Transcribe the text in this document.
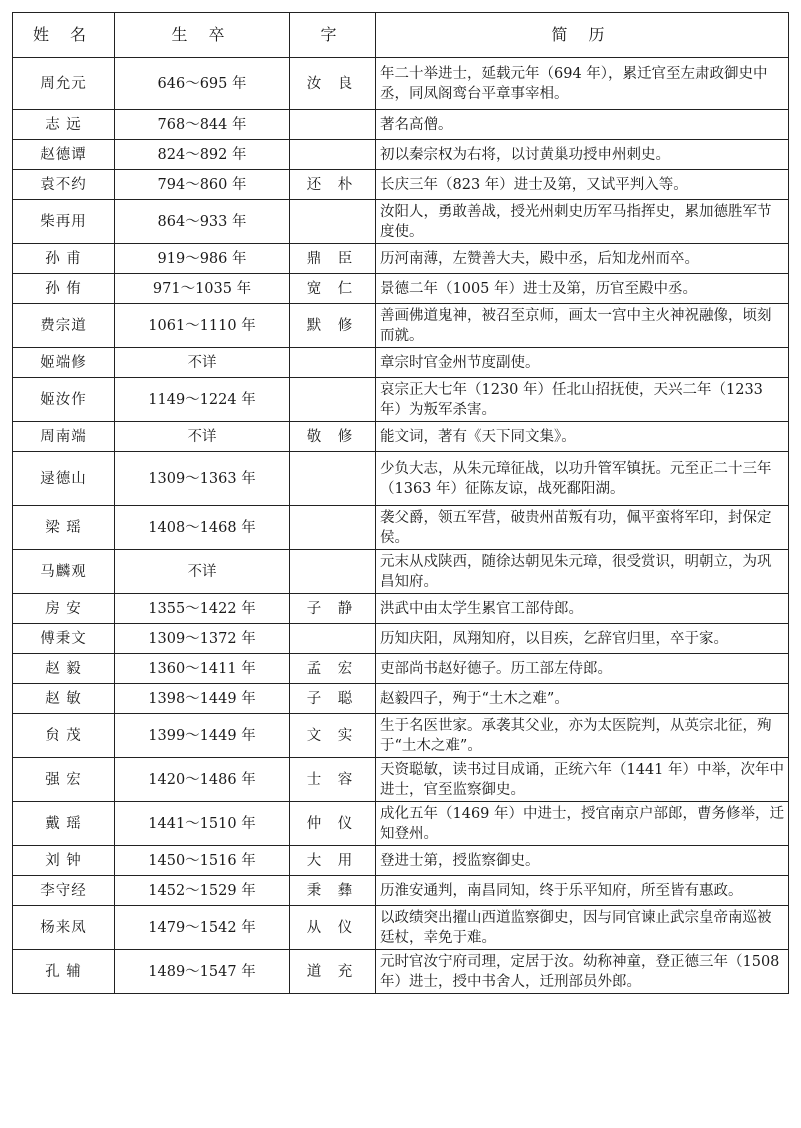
姓 名	生 卒	字	简 历
周允元	646～695 年	汝 良	年二十举进士，延载元年（694 年），累迁官至左肃政御史中丞，同凤阁鸾台平章事宰相。
志 远	768～844 年		著名高僧。
赵德谭	824～892 年		初以秦宗权为右将，以讨黄巢功授申州刺史。
袁不约	794～860 年	还 朴	长庆三年（823 年）进士及第，又试平判入等。
柴再用	864～933 年		汝阳人，勇敢善战，授光州刺史历军马指挥史，累加德胜军节度使。
孙 甫	919～986 年	鼎 臣	历河南薄，左赞善大夫，殿中丞，后知龙州而卒。
孙 侑	971～1035 年	宽 仁	景德二年（1005 年）进士及第，历官至殿中丞。
费宗道	1061～1110 年	默 修	善画佛道鬼神，被召至京师，画太一宫中主火神祝融像，顷刻而就。
姬端修	不详		章宗时官金州节度副使。
姬汝作	1149～1224 年		哀宗正大七年（1230 年）任北山招抚使，天兴二年（1233 年）为叛军杀害。
周南端	不详	敬 修	能文词，著有《天下同文集》。
逯德山	1309～1363 年		少负大志，从朱元璋征战，以功升管军镇抚。元至正二十三年（1363 年）征陈友谅，战死鄱阳湖。
梁 瑶	1408～1468 年		袭父爵，领五军营，破贵州苗叛有功，佩平蛮将军印，封保定侯。
马麟观	不详		元末从戍陕西，随徐达朝见朱元璋，很受赏识，明朝立，为巩昌知府。
房 安	1355～1422 年	子 静	洪武中由太学生累官工部侍郎。
傅秉文	1309～1372 年		历知庆阳，凤翔知府，以目疾，乞辞官归里，卒于家。
赵 毅	1360～1411 年	孟 宏	吏部尚书赵好德子。历工部左侍郎。
赵 敏	1398～1449 年	子 聪	赵毅四子，殉于“土木之难”。
贠 茂	1399～1449 年	文 实	生于名医世家。承袭其父业，亦为太医院判，从英宗北征，殉于“土木之难”。
强 宏	1420～1486 年	士 容	天资聪敏，读书过目成诵，正统六年（1441 年）中举，次年中进士，官至监察御史。
戴 瑶	1441～1510 年	仲 仪	成化五年（1469 年）中进士，授官南京户部郎，曹务修举，迁知登州。
刘 钟	1450～1516 年	大 用	登进士第，授监察御史。
李守经	1452～1529 年	秉 彝	历淮安通判，南昌同知，终于乐平知府，所至皆有惠政。
杨来凤	1479～1542 年	从 仪	以政绩突出擢山西道监察御史，因与同官谏止武宗皇帝南巡被廷杖，幸免于难。
孔 辅	1489～1547 年	道 充	元时官汝宁府司理，定居于汝。幼称神童，登正德三年（1508 年）进士，授中书舍人，迁刑部员外郎。
